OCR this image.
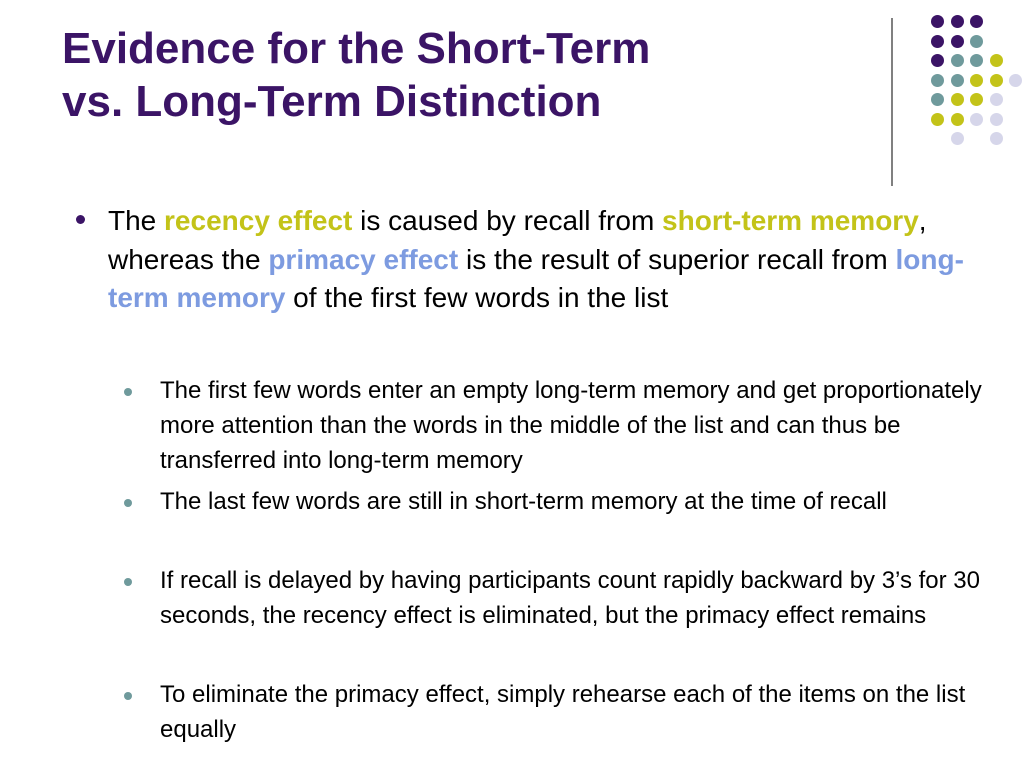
Evidence for the Short-Term
vs. Long-Term Distinction

The recency effect is caused by recall from short-term memory, whereas the primacy effect is the result of superior recall from long-term memory of the first few words in the list

The first few words enter an empty long-term memory and get proportionately more attention than the words in the middle of the list and can thus be transferred into long-term memory

The last few words are still in short-term memory at the time of recall

If recall is delayed by having participants count rapidly backward by 3’s for 30 seconds, the recency effect is eliminated, but the primacy effect remains

To eliminate the primacy effect, simply rehearse each of the items on the list equally
